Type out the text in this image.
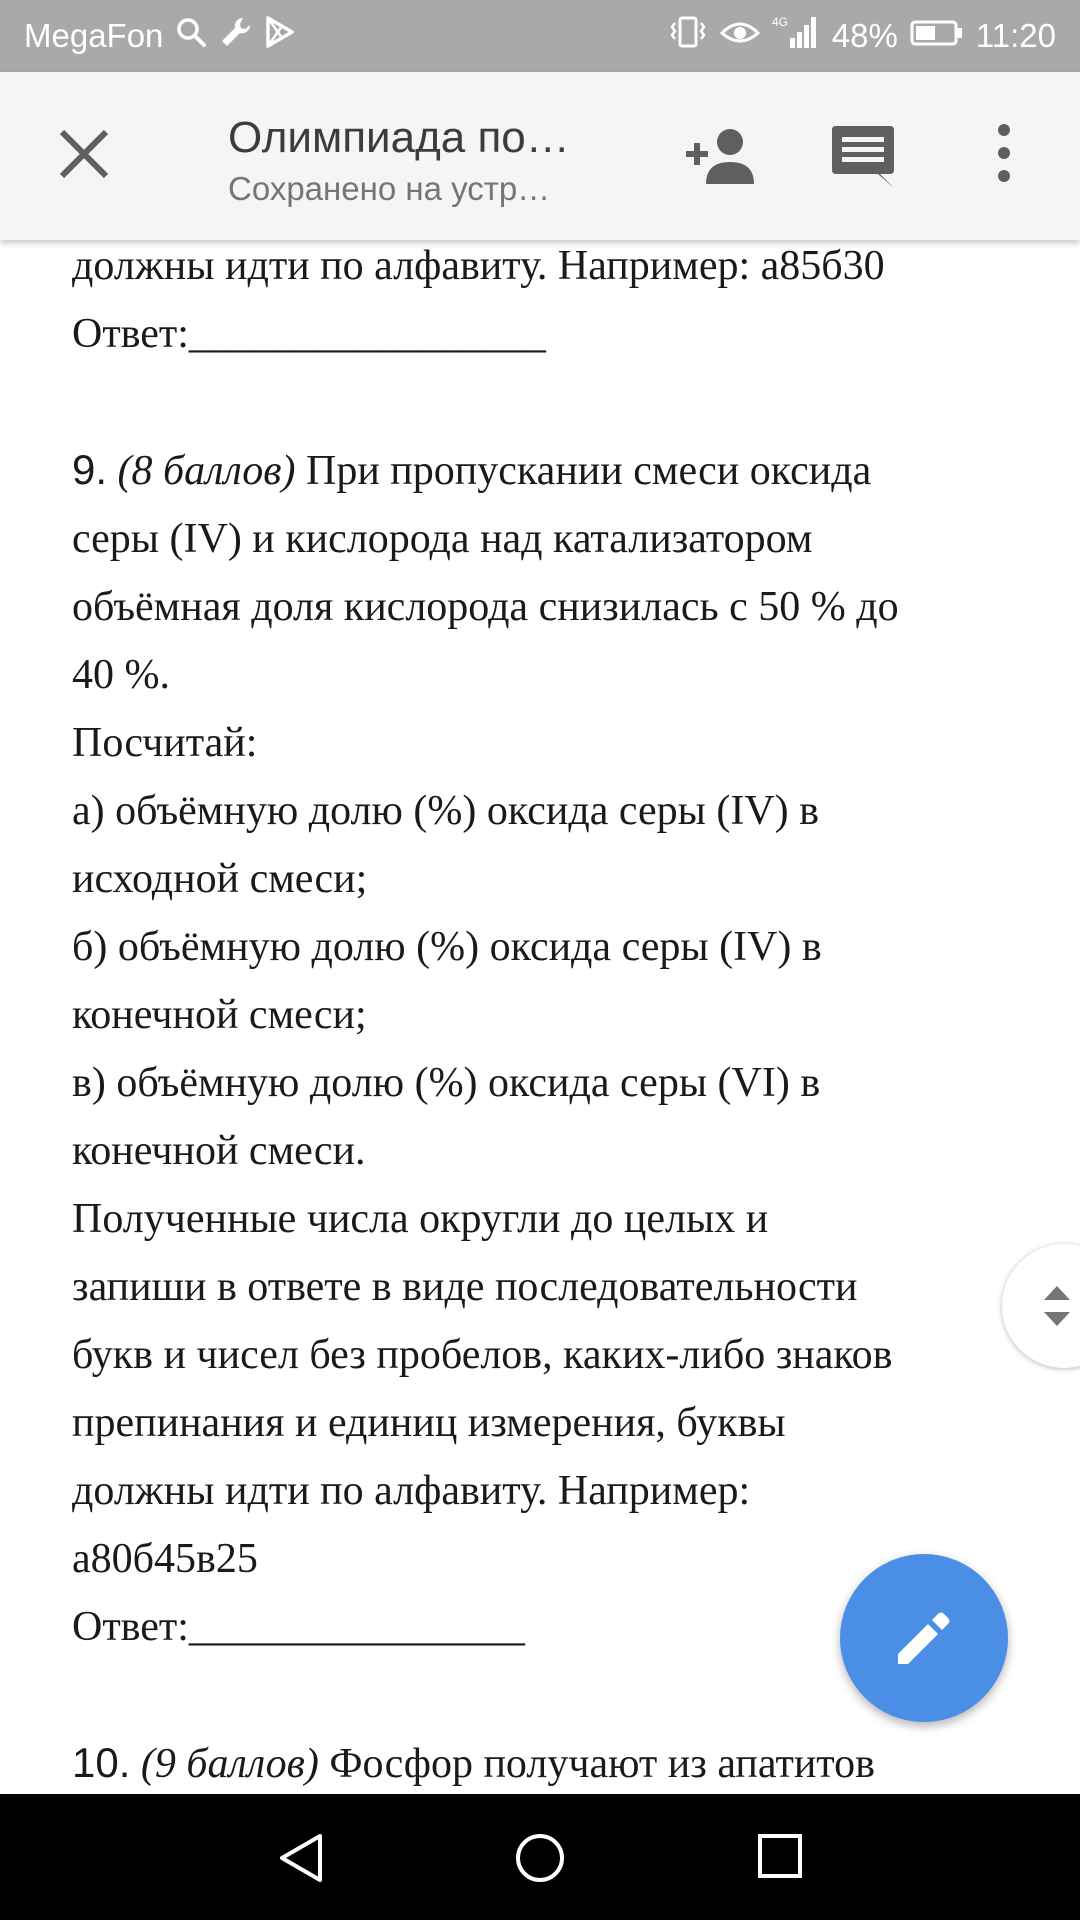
MegaFon	4G 48% 11:20
Олимпиада по…
Сохранено на устр…

должны идти по алфавиту. Например: а85б30

Ответ:_________________

9. (8 баллов) При пропускании смеси оксида

серы (IV) и кислорода над катализатором

объёмная доля кислорода снизилась с 50 % до

40 %.

Посчитай:

а) объёмную долю (%) оксида серы (IV) в

исходной смеси;

б) объёмную долю (%) оксида серы (IV) в

конечной смеси;

в) объёмную долю (%) оксида серы (VI) в

конечной смеси.

Полученные числа округли до целых и

запиши в ответе в виде последовательности

букв и чисел без пробелов, каких-либо знаков

препинания и единиц измерения, буквы

должны идти по алфавиту. Например:

а80б45в25

Ответ:________________

10. (9 баллов) Фосфор получают из апатитов
